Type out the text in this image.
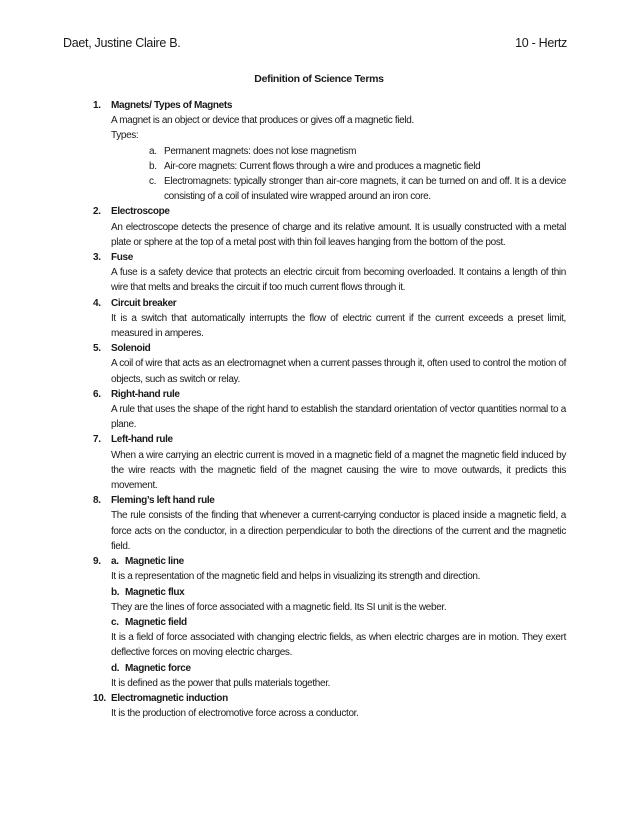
Daet, Justine Claire B.	10 - Hertz
Definition of Science Terms
1. Magnets/ Types of Magnets
A magnet is an object or device that produces or gives off a magnetic field.
Types:
a. Permanent magnets: does not lose magnetism
b. Air-core magnets: Current flows through a wire and produces a magnetic field
c. Electromagnets: typically stronger than air-core magnets, it can be turned on and off. It is a device consisting of a coil of insulated wire wrapped around an iron core.
2. Electroscope
An electroscope detects the presence of charge and its relative amount. It is usually constructed with a metal plate or sphere at the top of a metal post with thin foil leaves hanging from the bottom of the post.
3. Fuse
A fuse is a safety device that protects an electric circuit from becoming overloaded. It contains a length of thin wire that melts and breaks the circuit if too much current flows through it.
4. Circuit breaker
It is a switch that automatically interrupts the flow of electric current if the current exceeds a preset limit, measured in amperes.
5. Solenoid
A coil of wire that acts as an electromagnet when a current passes through it, often used to control the motion of objects, such as switch or relay.
6. Right-hand rule
A rule that uses the shape of the right hand to establish the standard orientation of vector quantities normal to a plane.
7. Left-hand rule
When a wire carrying an electric current is moved in a magnetic field of a magnet the magnetic field induced by the wire reacts with the magnetic field of the magnet causing the wire to move outwards, it predicts this movement.
8. Fleming’s left hand rule
The rule consists of the finding that whenever a current-carrying conductor is placed inside a magnetic field, a force acts on the conductor, in a direction perpendicular to both the directions of the current and the magnetic field.
9. a. Magnetic line
It is a representation of the magnetic field and helps in visualizing its strength and direction.
b. Magnetic flux
They are the lines of force associated with a magnetic field. Its SI unit is the weber.
c. Magnetic field
It is a field of force associated with changing electric fields, as when electric charges are in motion. They exert deflective forces on moving electric charges.
d. Magnetic force
It is defined as the power that pulls materials together.
10. Electromagnetic induction
It is the production of electromotive force across a conductor.
